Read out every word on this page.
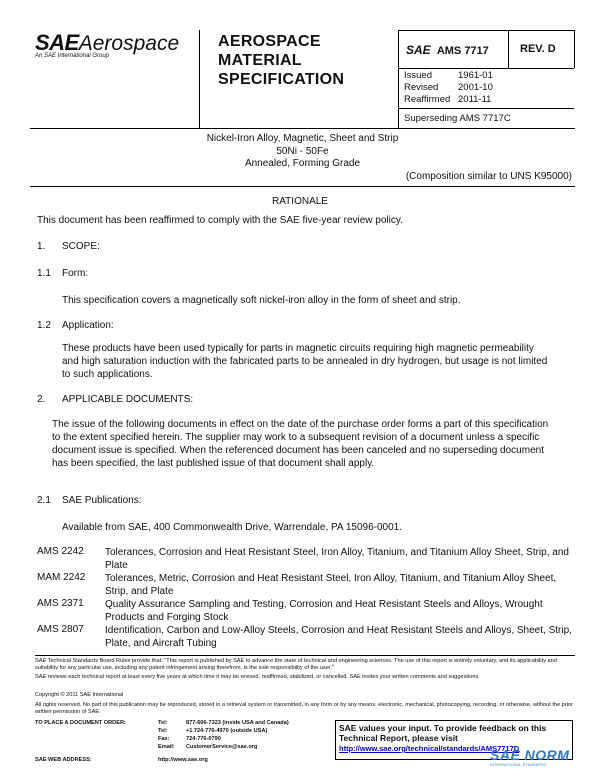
SAEAerospace
An SAE International Group
AEROSPACE
MATERIAL
SPECIFICATION
SAE AMS 7717	REV. D
Issued	1961-01
Revised 2001-10
Reaffirmed 2011-11
Superseding AMS 7717C
Nickel-Iron Alloy, Magnetic, Sheet and Strip
50Ni - 50Fe
Annealed, Forming Grade
(Composition similar to UNS K95000)
RATIONALE
This document has been reaffirmed to comply with the SAE five-year review policy.
1. SCOPE:
1.1 Form:
This specification covers a magnetically soft nickel-iron alloy in the form of sheet and strip.
1.2 Application:
These products have been used typically for parts in magnetic circuits requiring high magnetic permeability and high saturation induction with the fabricated parts to be annealed in dry hydrogen, but usage is not limited to such applications.
2. APPLICABLE DOCUMENTS:
The issue of the following documents in effect on the date of the purchase order forms a part of this specification to the extent specified herein. The supplier may work to a subsequent revision of a document unless a specific document issue is specified. When the referenced document has been canceled and no superseding document has been specified, the last published issue of that document shall apply.
2.1 SAE Publications:
Available from SAE, 400 Commonwealth Drive, Warrendale, PA 15096-0001.
AMS 2242 Tolerances, Corrosion and Heat Resistant Steel, Iron Alloy, Titanium, and Titanium Alloy Sheet, Strip, and Plate
MAM 2242 Tolerances, Metric, Corrosion and Heat Resistant Steel, Iron Alloy, Titanium, and Titanium Alloy Sheet, Strip, and Plate
AMS 2371 Quality Assurance Sampling and Testing, Corrosion and Heat Resistant Steels and Alloys, Wrought Products and Forging Stock
AMS 2807 Identification, Carbon and Low-Alloy Steels, Corrosion and Heat Resistant Steels and Alloys, Sheet, Strip, Plate, and Aircraft Tubing
SAE Technical Standards Board Rules provide that: "This report is published by SAE to advance the state of technical and engineering sciences. The use of this report is entirely voluntary, and its applicability and suitability for any particular use, including any patent infringement arising therefrom, is the sole responsibility of the user."
SAE reviews each technical report at least every five years at which time it may be revised, reaffirmed, stabilized, or cancelled. SAE invites your written comments and suggestions.
Copyright © 2011 SAE International
All rights reserved. No part of this publication may be reproduced, stored in a retrieval system or transmitted, in any form or by any means, electronic, mechanical, photocopying, recording, or otherwise, without the prior written permission of SAE.
TO PLACE A DOCUMENT ORDER:	Tel:	877-606-7323 (inside USA and Canada)
Tel:	+1 724-776-4970 (outside USA)
Fax:	724-776-0790
Email: CustomerService@sae.org
SAE WEB ADDRESS:	http://www.sae.org
SAE values your input. To provide feedback on this Technical Report, please visit
http://www.sae.org/technical/standards/AMS7717D
SAE NORM
INTERNATIONAL STANDARDS
